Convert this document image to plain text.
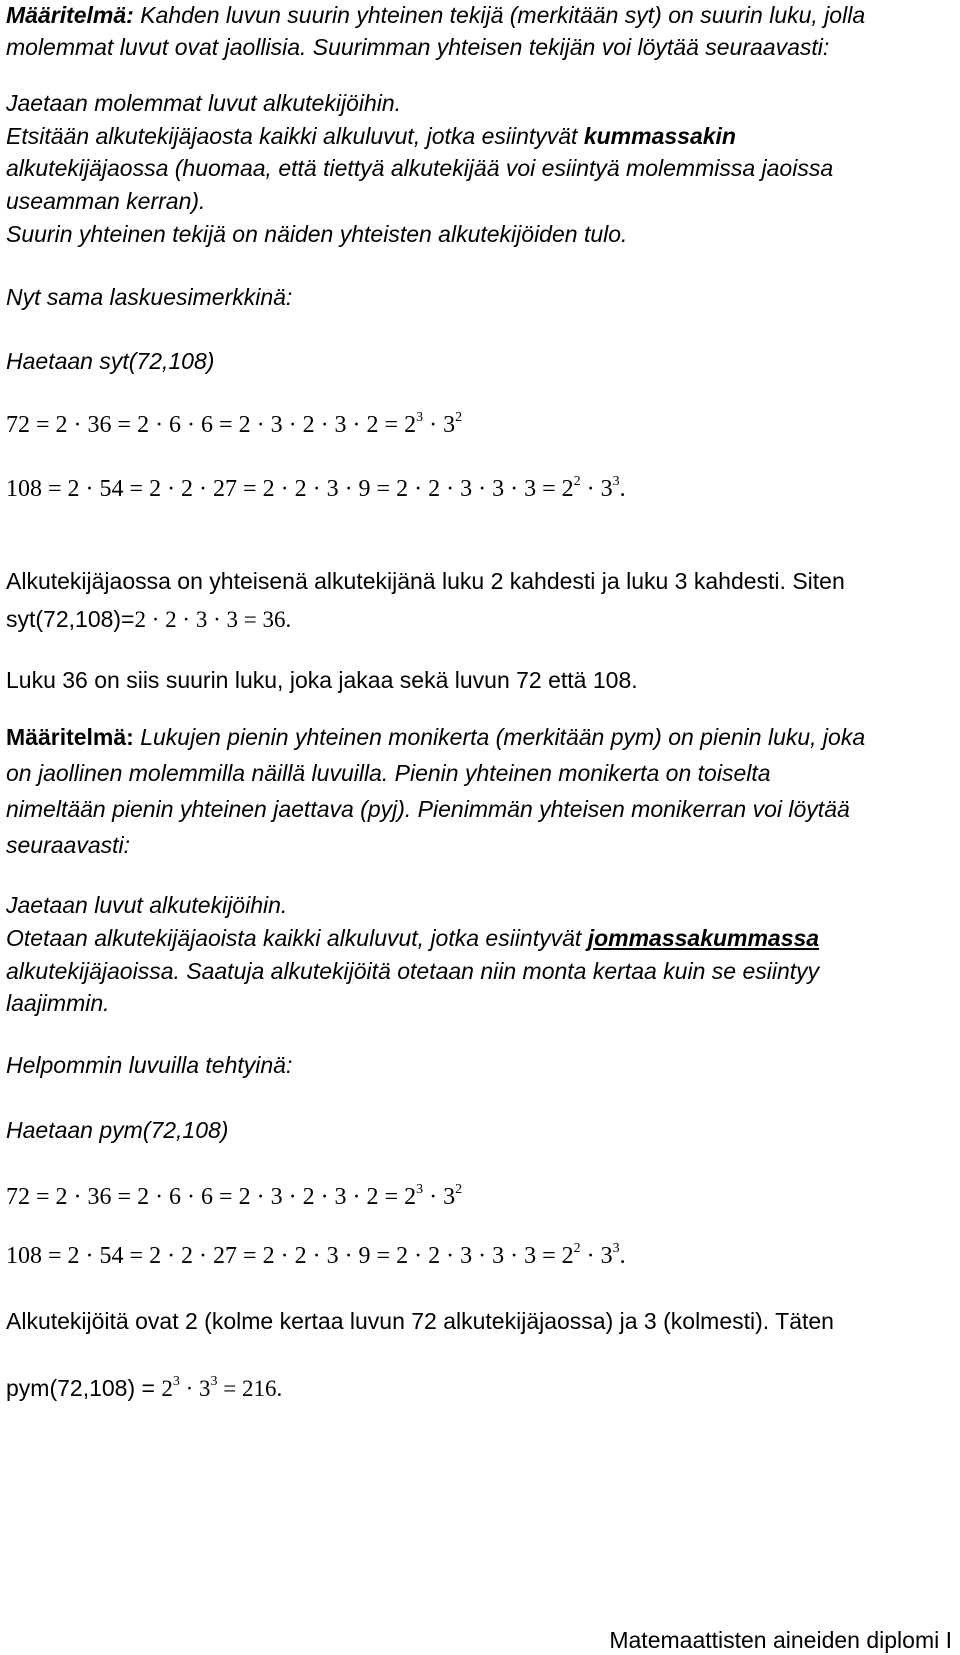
Määritelmä: Kahden luvun suurin yhteinen tekijä (merkitään syt) on suurin luku, jolla
molemmat luvut ovat jaollisia. Suurimman yhteisen tekijän voi löytää seuraavasti:
Jaetaan molemmat luvut alkutekijöihin.
Etsitään alkutekijäjaosta kaikki alkuluvut, jotka esiintyvät kummassakin
alkutekijäjaossa (huomaa, että tiettyä alkutekijää voi esiintyä molemmissa jaoissa
useamman kerran).
Suurin yhteinen tekijä on näiden yhteisten alkutekijöiden tulo.
Nyt sama laskuesimerkkinä:
Haetaan syt(72,108)
$72 = 2 \cdot 36 = 2 \cdot 6 \cdot 6 = 2 \cdot 3 \cdot 2 \cdot 3 \cdot 2 = 2^3 \cdot 3^2$
$108 = 2 \cdot 54 = 2 \cdot 2 \cdot 27 = 2 \cdot 2 \cdot 3 \cdot 9 = 2 \cdot 2 \cdot 3 \cdot 3 \cdot 3 = 2^2 \cdot 3^3$.
Alkutekijäjaossa on yhteisenä alkutekijänä luku 2 kahdesti ja luku 3 kahdesti. Siten
syt(72,108)=2 · 2 · 3 · 3 = 36.
Luku 36 on siis suurin luku, joka jakaa sekä luvun 72 että 108.
Määritelmä: Lukujen pienin yhteinen monikerta (merkitään pym) on pienin luku, joka
on jaollinen molemmilla näillä luvuilla. Pienin yhteinen monikerta on toiselta
nimeltään pienin yhteinen jaettava (pyj). Pienimmän yhteisen monikerran voi löytää
seuraavasti:
Jaetaan luvut alkutekijöihin.
Otetaan alkutekijäjaoista kaikki alkuluvut, jotka esiintyvät jommassakummassa
alkutekijäjaoissa. Saatuja alkutekijöitä otetaan niin monta kertaa kuin se esiintyy
laajimmin.
Helpommin luvuilla tehtyinä:
Haetaan pym(72,108)
$72 = 2 \cdot 36 = 2 \cdot 6 \cdot 6 = 2 \cdot 3 \cdot 2 \cdot 3 \cdot 2 = 2^3 \cdot 3^2$
$108 = 2 \cdot 54 = 2 \cdot 2 \cdot 27 = 2 \cdot 2 \cdot 3 \cdot 9 = 2 \cdot 2 \cdot 3 \cdot 3 \cdot 3 = 2^2 \cdot 3^3$.
Alkutekijöitä ovat 2 (kolme kertaa luvun 72 alkutekijäjaossa) ja 3 (kolmesti). Täten
$pym(72,108) = 2^3 \cdot 3^3 = 216$.
Matemaattisten aineiden diplomi I
